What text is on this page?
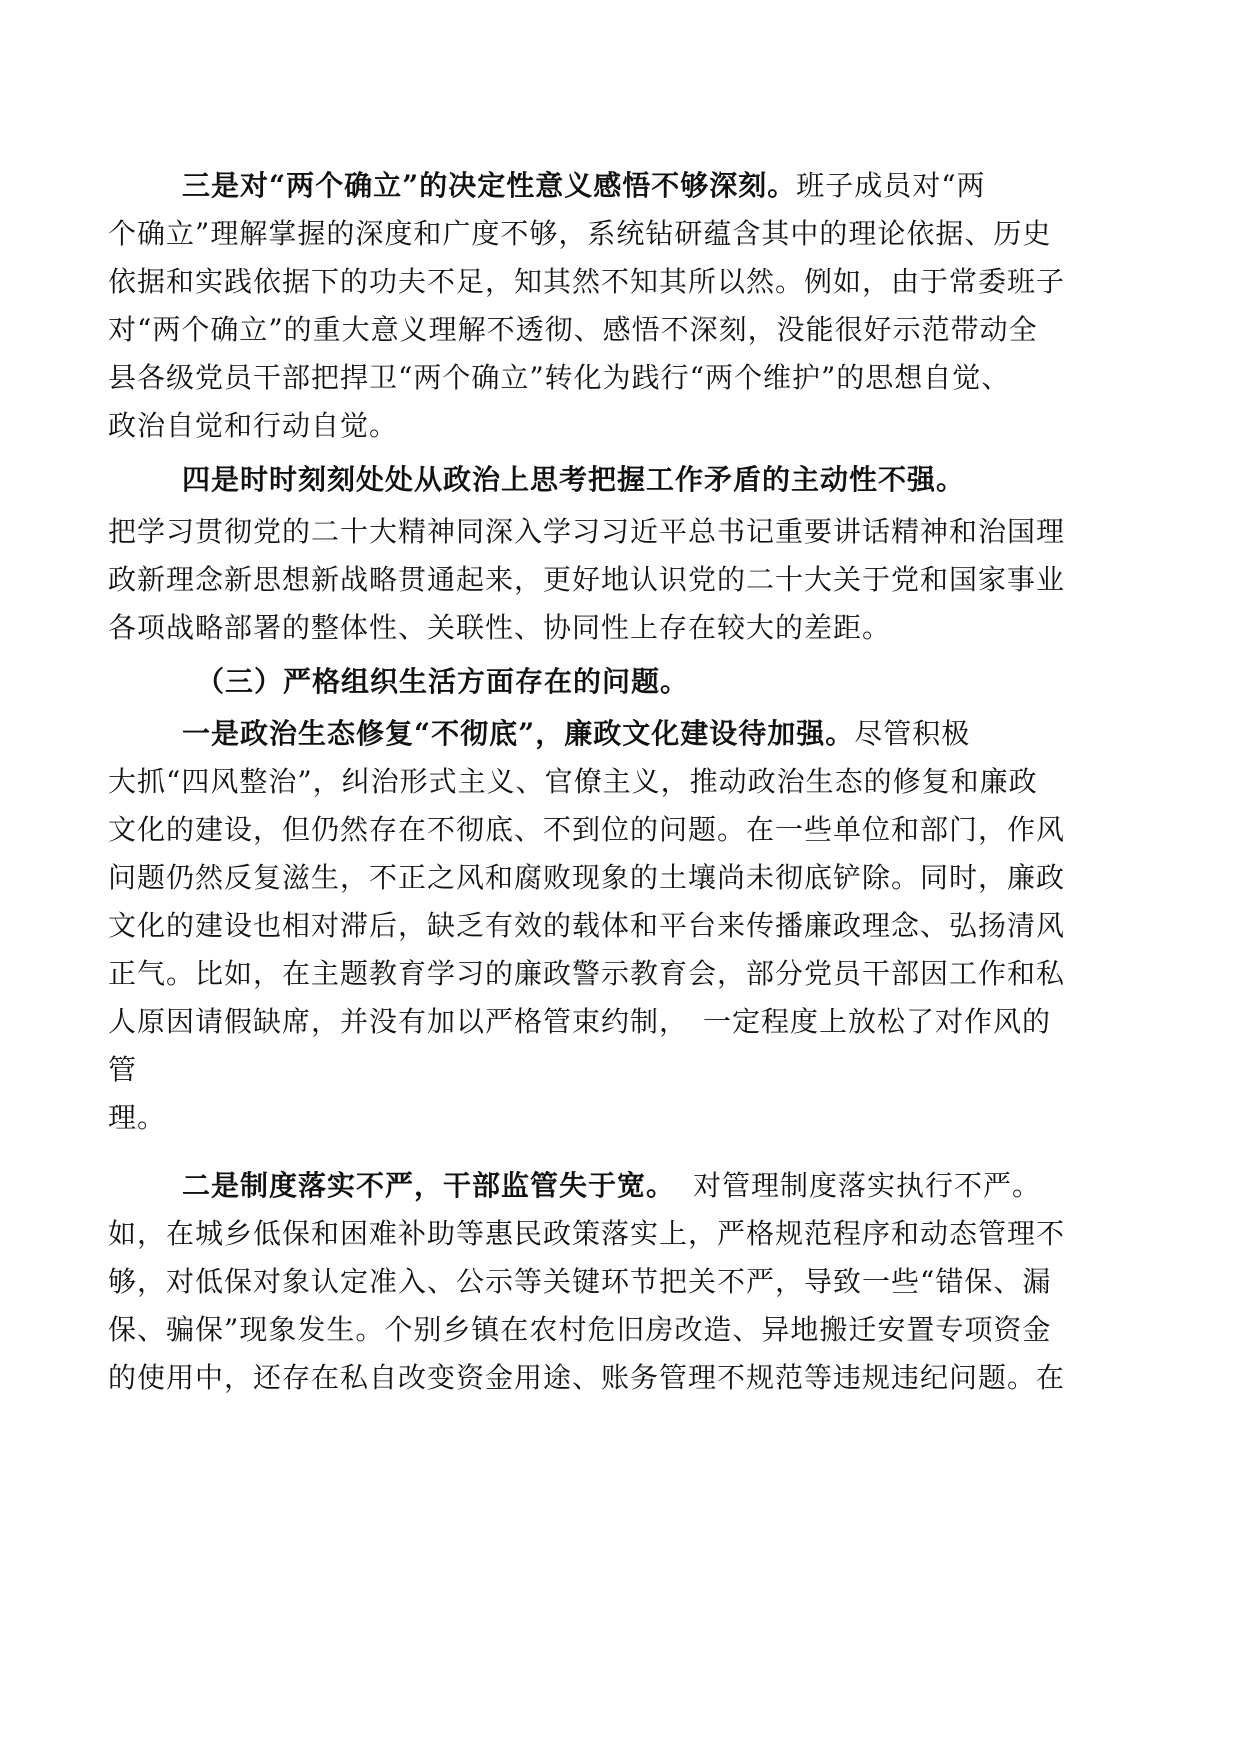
三是对“两个确立”的决定性意义感悟不够深刻。班子成员对“两
个确立”理解掌握的深度和广度不够，系统钻研蕴含其中的理论依据、历史
依据和实践依据下的功夫不足，知其然不知其所以然。例如，由于常委班子
对“两个确立”的重大意义理解不透彻、感悟不深刻，没能很好示范带动全
县各级党员干部把捍卫“两个确立”转化为践行“两个维护”的思想自觉、
政治自觉和行动自觉。
四是时时刻刻处处从政治上思考把握工作矛盾的主动性不强。
把学习贯彻党的二十大精神同深入学习习近平总书记重要讲话精神和治国理
政新理念新思想新战略贯通起来，更好地认识党的二十大关于党和国家事业
各项战略部署的整体性、关联性、协同性上存在较大的差距。
（三）严格组织生活方面存在的问题。
一是政治生态修复“不彻底”，廉政文化建设待加强。尽管积极
大抓“四风整治”，纠治形式主义、官僚主义，推动政治生态的修复和廉政
文化的建设，但仍然存在不彻底、不到位的问题。在一些单位和部门，作风
问题仍然反复滋生，不正之风和腐败现象的土壤尚未彻底铲除。同时，廉政
文化的建设也相对滞后，缺乏有效的载体和平台来传播廉政理念、弘扬清风
正气。比如，在主题教育学习的廉政警示教育会，部分党员干部因工作和私
人原因请假缺席，并没有加以严格管束约制，　一定程度上放松了对作风的
管
理。
二是制度落实不严，干部监管失于宽。 对管理制度落实执行不严。
如，在城乡低保和困难补助等惠民政策落实上，严格规范程序和动态管理不
够，对低保对象认定准入、公示等关键环节把关不严，导致一些“错保、漏
保、骗保”现象发生。个别乡镇在农村危旧房改造、异地搬迁安置专项资金
的使用中，还存在私自改变资金用途、账务管理不规范等违规违纪问题。在
